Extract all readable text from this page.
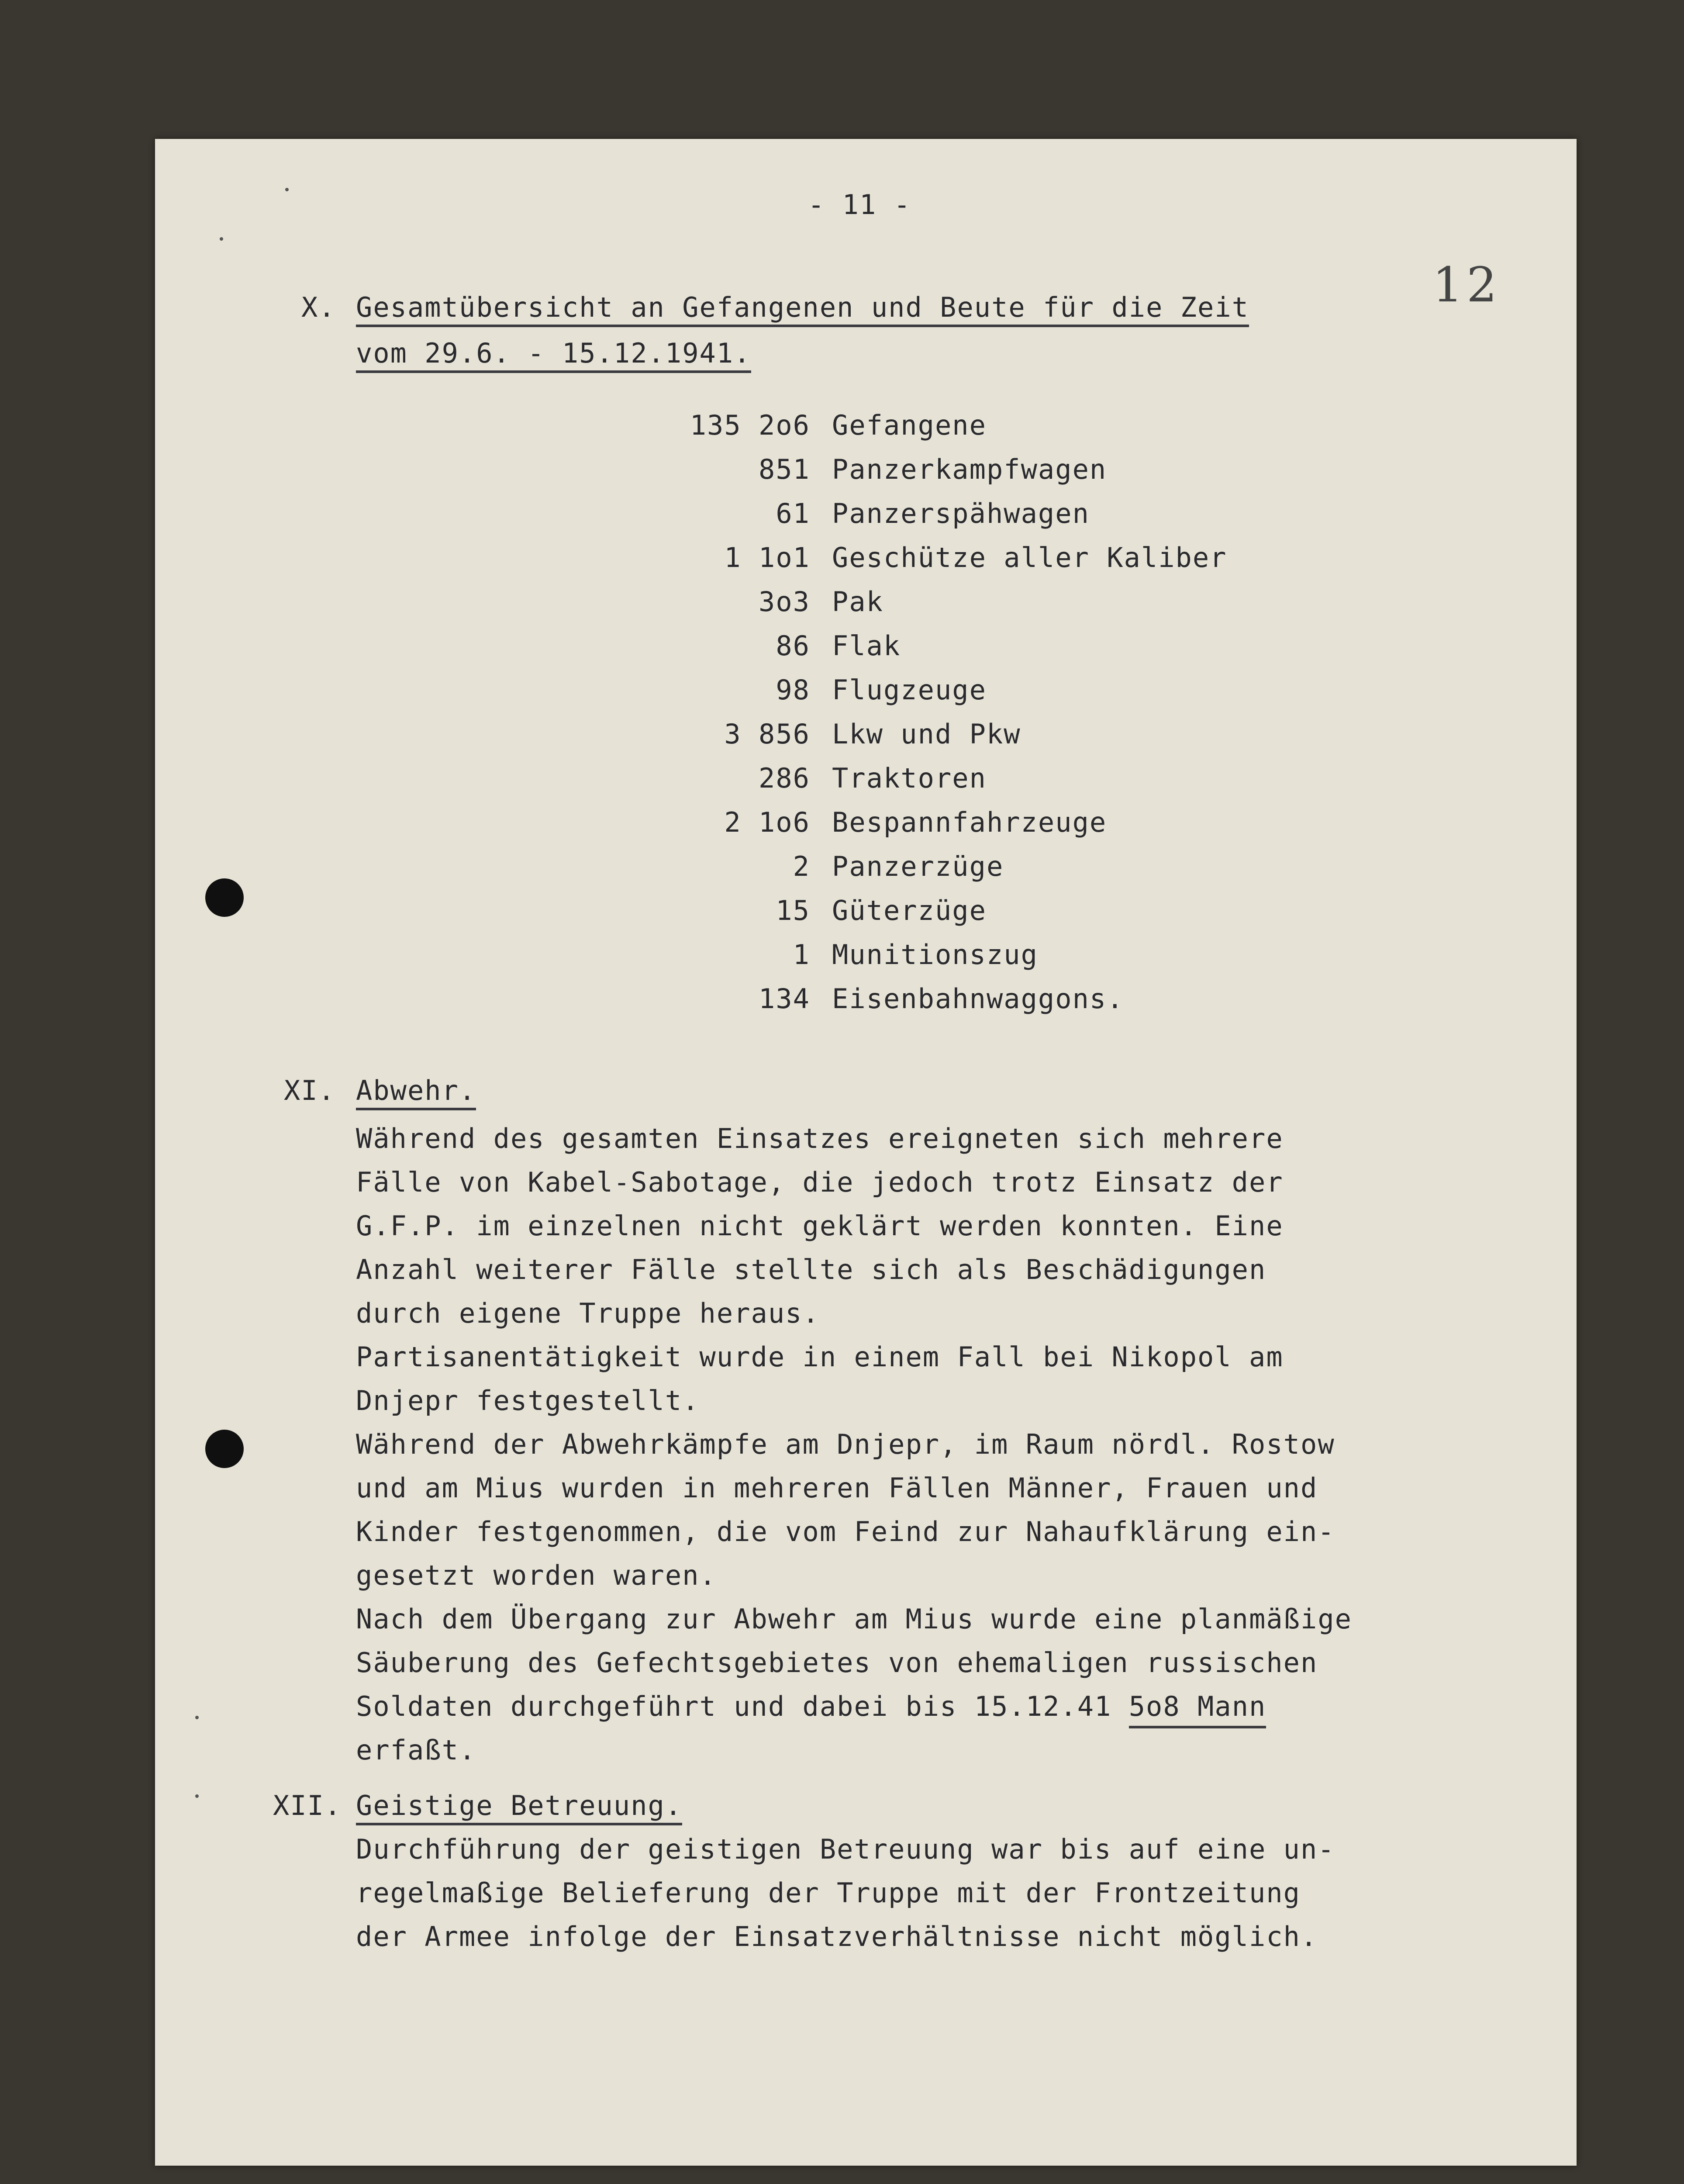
- 11 -
12
X. Gesamtübersicht an Gefangenen und Beute für die Zeit
vom 29.6. - 15.12.1941.
135 2o6 Gefangene
851 Panzerkampfwagen
61 Panzerspähwagen
1 1o1 Geschütze aller Kaliber
3o3 Pak
86 Flak
98 Flugzeuge
3 856 Lkw und Pkw
286 Traktoren
2 1o6 Bespannfahrzeuge
2 Panzerzüge
15 Güterzüge
1 Munitionszug
134 Eisenbahnwaggons.
XI. Abwehr.
Während des gesamten Einsatzes ereigneten sich mehrere
Fälle von Kabel-Sabotage, die jedoch trotz Einsatz der
G.F.P. im einzelnen nicht geklärt werden konnten. Eine
Anzahl weiterer Fälle stellte sich als Beschädigungen
durch eigene Truppe heraus.
Partisanentätigkeit wurde in einem Fall bei Nikopol am
Dnjepr festgestellt.
Während der Abwehrkämpfe am Dnjepr, im Raum nördl. Rostow
und am Mius wurden in mehreren Fällen Männer, Frauen und
Kinder festgenommen, die vom Feind zur Nahaufklärung ein-
gesetzt worden waren.
Nach dem Übergang zur Abwehr am Mius wurde eine planmäßige
Säuberung des Gefechtsgebietes von ehemaligen russischen
Soldaten durchgeführt und dabei bis 15.12.41 5o8 Mann
erfaßt.
XII. Geistige Betreuung.
Durchführung der geistigen Betreuung war bis auf eine un-
regelmaßige Belieferung der Truppe mit der Frontzeitung
der Armee infolge der Einsatzverhältnisse nicht möglich.
